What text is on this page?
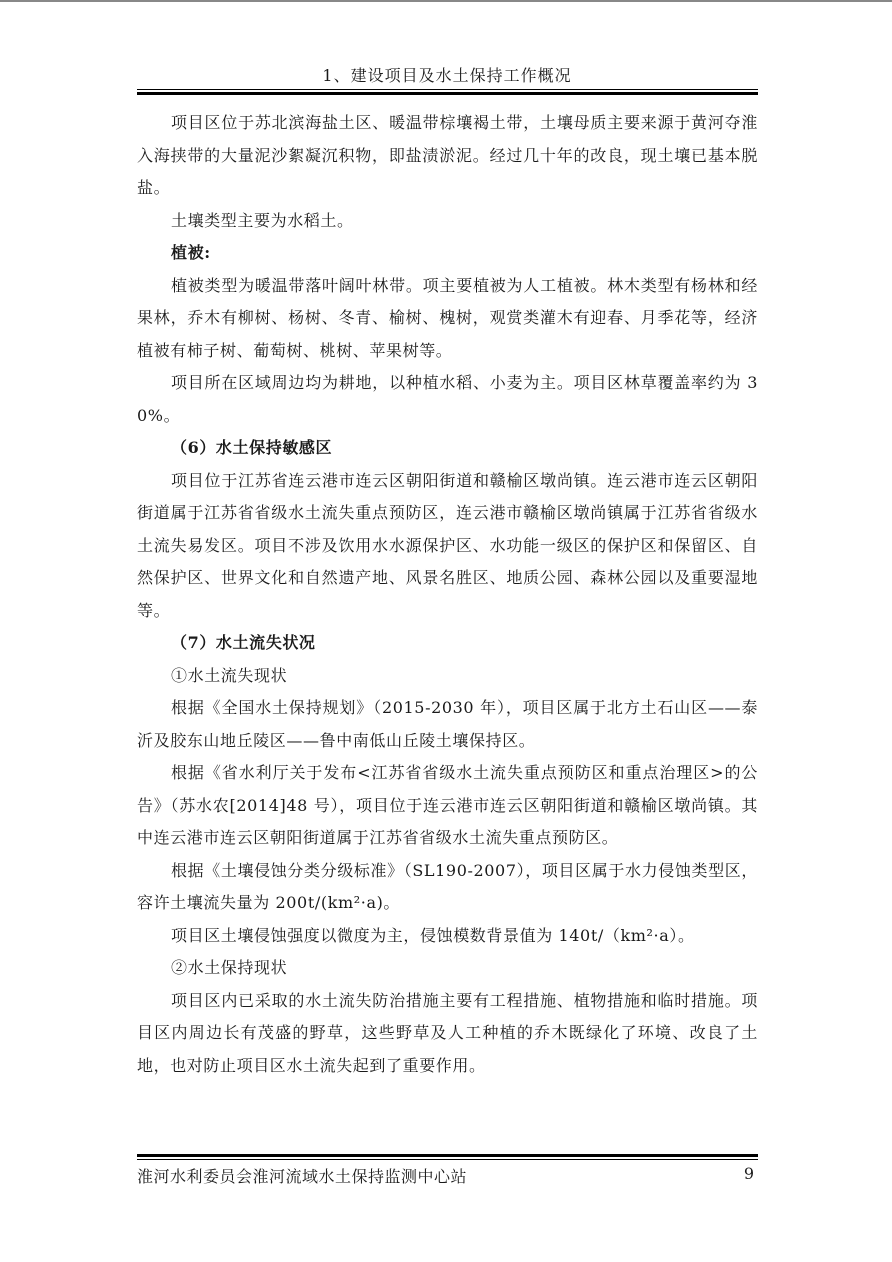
1、建设项目及水土保持工作概况

项目区位于苏北滨海盐土区、暖温带棕壤褐土带，土壤母质主要来源于黄河夺淮入海挟带的大量泥沙絮凝沉积物，即盐渍淤泥。经过几十年的改良，现土壤已基本脱盐。

土壤类型主要为水稻土。

植被:

植被类型为暖温带落叶阔叶林带。项主要植被为人工植被。林木类型有杨林和经果林，乔木有柳树、杨树、冬青、榆树、槐树，观赏类灌木有迎春、月季花等，经济植被有柿子树、葡萄树、桃树、苹果树等。

项目所在区域周边均为耕地，以种植水稻、小麦为主。项目区林草覆盖率约为 30%。

（6）水土保持敏感区

项目位于江苏省连云港市连云区朝阳街道和赣榆区墩尚镇。连云港市连云区朝阳街道属于江苏省省级水土流失重点预防区，连云港市赣榆区墩尚镇属于江苏省省级水土流失易发区。项目不涉及饮用水水源保护区、水功能一级区的保护区和保留区、自然保护区、世界文化和自然遗产地、风景名胜区、地质公园、森林公园以及重要湿地等。

（7）水土流失状况

①水土流失现状

根据《全国水土保持规划》（2015-2030 年），项目区属于北方土石山区——泰沂及胶东山地丘陵区——鲁中南低山丘陵土壤保持区。

根据《省水利厅关于发布<江苏省省级水土流失重点预防区和重点治理区>的公告》（苏水农[2014]48 号），项目位于连云港市连云区朝阳街道和赣榆区墩尚镇。其中连云港市连云区朝阳街道属于江苏省省级水土流失重点预防区。

根据《土壤侵蚀分类分级标准》（SL190-2007），项目区属于水力侵蚀类型区，容许土壤流失量为 200t/(km²·a)。

项目区土壤侵蚀强度以微度为主，侵蚀模数背景值为 140t/（km²·a）。

②水土保持现状

项目区内已采取的水土流失防治措施主要有工程措施、植物措施和临时措施。项目区内周边长有茂盛的野草，这些野草及人工种植的乔木既绿化了环境、改良了土地，也对防止项目区水土流失起到了重要作用。

淮河水利委员会淮河流域水土保持监测中心站	9
